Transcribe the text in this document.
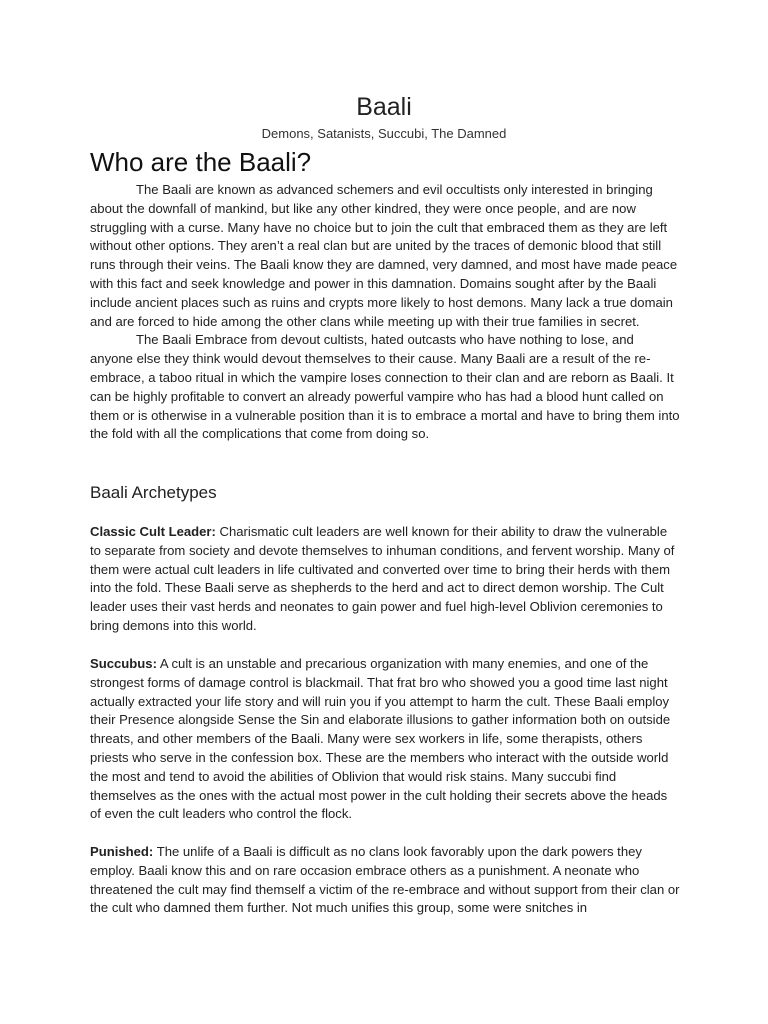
Baali
Demons, Satanists, Succubi, The Damned
Who are the Baali?

The Baali are known as advanced schemers and evil occultists only interested in bringing about the downfall of mankind, but like any other kindred, they were once people, and are now struggling with a curse. Many have no choice but to join the cult that embraced them as they are left without other options. They aren’t a real clan but are united by the traces of demonic blood that still runs through their veins. The Baali know they are damned, very damned, and most have made peace with this fact and seek knowledge and power in this damnation. Domains sought after by the Baali include ancient places such as ruins and crypts more likely to host demons. Many lack a true domain and are forced to hide among the other clans while meeting up with their true families in secret.

The Baali Embrace from devout cultists, hated outcasts who have nothing to lose, and anyone else they think would devout themselves to their cause. Many Baali are a result of the re-embrace, a taboo ritual in which the vampire loses connection to their clan and are reborn as Baali. It can be highly profitable to convert an already powerful vampire who has had a blood hunt called on them or is otherwise in a vulnerable position than it is to embrace a mortal and have to bring them into the fold with all the complications that come from doing so.

Baali Archetypes

Classic Cult Leader: Charismatic cult leaders are well known for their ability to draw the vulnerable to separate from society and devote themselves to inhuman conditions, and fervent worship. Many of them were actual cult leaders in life cultivated and converted over time to bring their herds with them into the fold. These Baali serve as shepherds to the herd and act to direct demon worship. The Cult leader uses their vast herds and neonates to gain power and fuel high-level Oblivion ceremonies to bring demons into this world.

Succubus: A cult is an unstable and precarious organization with many enemies, and one of the strongest forms of damage control is blackmail. That frat bro who showed you a good time last night actually extracted your life story and will ruin you if you attempt to harm the cult. These Baali employ their Presence alongside Sense the Sin and elaborate illusions to gather information both on outside threats, and other members of the Baali. Many were sex workers in life, some therapists, others priests who serve in the confession box. These are the members who interact with the outside world the most and tend to avoid the abilities of Oblivion that would risk stains. Many succubi find themselves as the ones with the actual most power in the cult holding their secrets above the heads of even the cult leaders who control the flock.

Punished: The unlife of a Baali is difficult as no clans look favorably upon the dark powers they employ. Baali know this and on rare occasion embrace others as a punishment. A neonate who threatened the cult may find themself a victim of the re-embrace and without support from their clan or the cult who damned them further. Not much unifies this group, some were snitches in
